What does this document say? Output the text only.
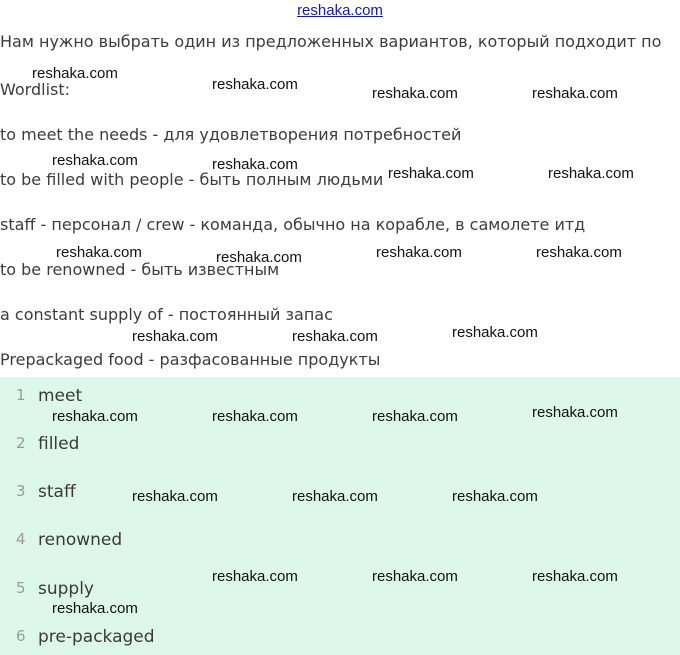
reshaka.com
Нам нужно выбрать один из предложенных вариантов, который подходит по
Wordlist:
to meet the needs - для удовлетворения потребностей
to be filled with people - быть полным людьми
staff - персонал / crew - команда, обычно на корабле, в самолете итд
to be renowned - быть известным
a constant supply of - постоянный запас
Prepackaged food - разфасованные продукты
1 meet
2 filled
3 staff
4 renowned
5 supply
6 pre-packaged
reshaka.com
reshaka.com
reshaka.com	reshaka.com
reshaka.com	reshaka.com
reshaka.com	reshaka.com
reshaka.com	reshaka.com	reshaka.com	reshaka.com
reshaka.com	reshaka.com	reshaka.com
reshaka.com	reshaka.com	reshaka.com	reshaka.com
reshaka.com	reshaka.com	reshaka.com
reshaka.com	reshaka.com	reshaka.com
reshaka.com
